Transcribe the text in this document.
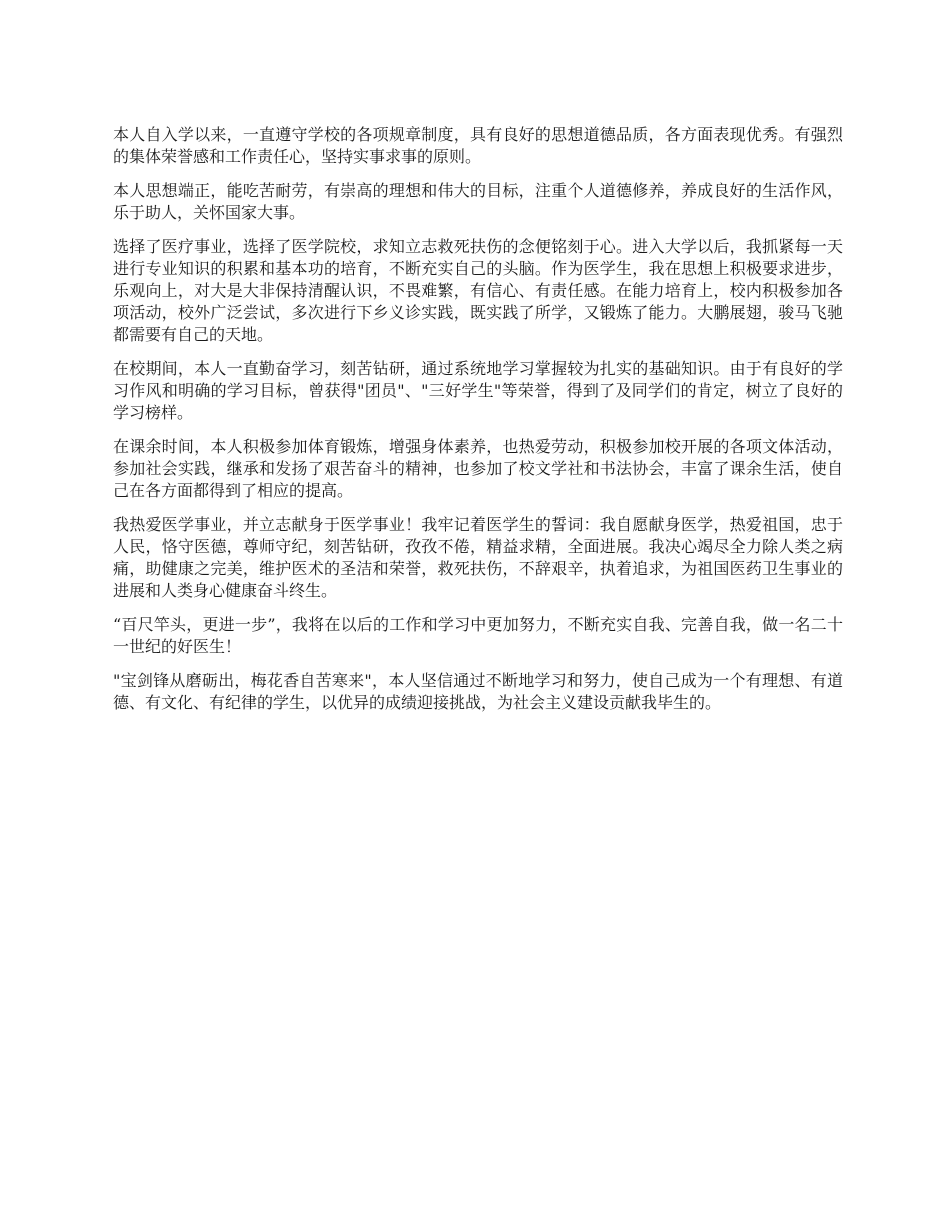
本人自入学以来，一直遵守学校的各项规章制度，具有良好的思想道德品质，各方面表现优秀。有强烈的集体荣誉感和工作责任心，坚持实事求事的原则。

本人思想端正，能吃苦耐劳，有崇高的理想和伟大的目标，注重个人道德修养，养成良好的生活作风，乐于助人，关怀国家大事。

选择了医疗事业，选择了医学院校，求知立志救死扶伤的念便铭刻于心。进入大学以后，我抓紧每一天进行专业知识的积累和基本功的培育，不断充实自己的头脑。作为医学生，我在思想上积极要求进步，乐观向上，对大是大非保持清醒认识，不畏难繁，有信心、有责任感。在能力培育上，校内积极参加各项活动，校外广泛尝试，多次进行下乡义诊实践，既实践了所学，又锻炼了能力。大鹏展翅，骏马飞驰都需要有自己的天地。

在校期间，本人一直勤奋学习，刻苦钻研，通过系统地学习掌握较为扎实的基础知识。由于有良好的学习作风和明确的学习目标，曾获得"团员"、"三好学生"等荣誉，得到了及同学们的肯定，树立了良好的学习榜样。

在课余时间，本人积极参加体育锻炼，增强身体素养，也热爱劳动，积极参加校开展的各项文体活动，参加社会实践，继承和发扬了艰苦奋斗的精神，也参加了校文学社和书法协会，丰富了课余生活，使自己在各方面都得到了相应的提高。

我热爱医学事业，并立志献身于医学事业！我牢记着医学生的誓词：我自愿献身医学，热爱祖国，忠于人民，恪守医德，尊师守纪，刻苦钻研，孜孜不倦，精益求精，全面进展。我决心竭尽全力除人类之病痛，助健康之完美，维护医术的圣洁和荣誉，救死扶伤，不辞艰辛，执着追求，为祖国医药卫生事业的进展和人类身心健康奋斗终生。

“百尺竿头，更进一步”，我将在以后的工作和学习中更加努力，不断充实自我、完善自我，做一名二十一世纪的好医生！

"宝剑锋从磨砺出，梅花香自苦寒来"，本人坚信通过不断地学习和努力，使自己成为一个有理想、有道德、有文化、有纪律的学生，以优异的成绩迎接挑战，为社会主义建设贡献我毕生的。
